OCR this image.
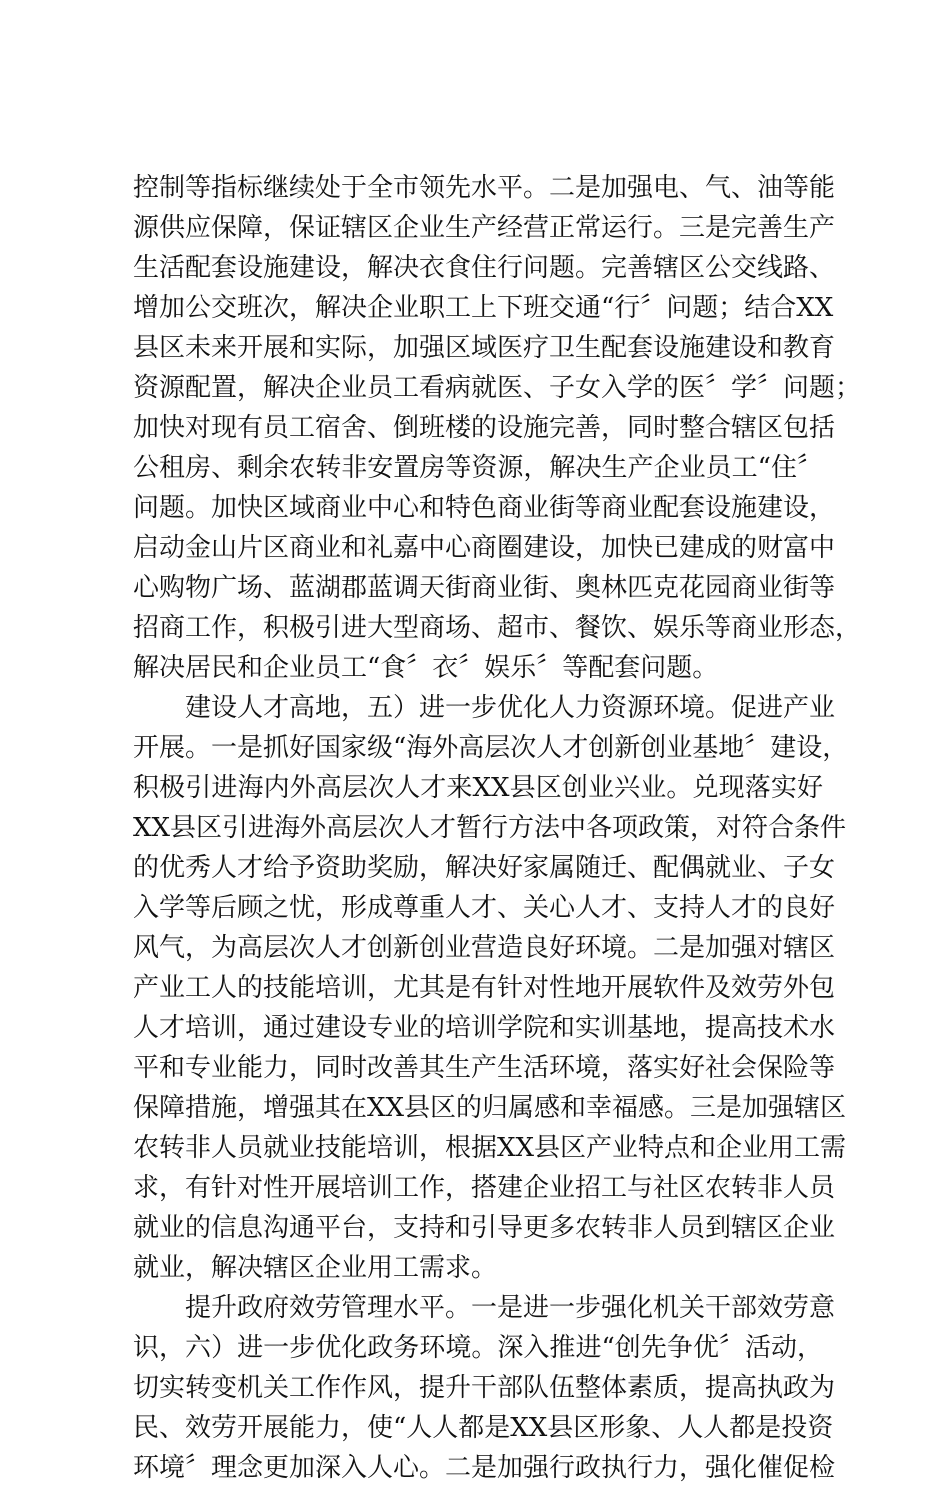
控制等指标继续处于全市领先水平。二是加强电、气、油等能
源供应保障，保证辖区企业生产经营正常运行。三是完善生产
生活配套设施建设，解决衣食住行问题。完善辖区公交线路、
增加公交班次，解决企业职工上下班交通“行〞问题；结合XX
县区未来开展和实际，加强区域医疗卫生配套设施建设和教育
资源配置，解决企业员工看病就医、子女入学的医〞学〞问题；
加快对现有员工宿舍、倒班楼的设施完善，同时整合辖区包括
公租房、剩余农转非安置房等资源，解决生产企业员工“住〞
问题。加快区域商业中心和特色商业街等商业配套设施建设，
启动金山片区商业和礼嘉中心商圈建设，加快已建成的财富中
心购物广场、蓝湖郡蓝调天街商业街、奥林匹克花园商业街等
招商工作，积极引进大型商场、超市、餐饮、娱乐等商业形态，
解决居民和企业员工“食〞衣〞娱乐〞等配套问题。
建设人才高地，五）进一步优化人力资源环境。促进产业
开展。一是抓好国家级“海外高层次人才创新创业基地〞建设，
积极引进海内外高层次人才来XX县区创业兴业。兑现落实好
XX县区引进海外高层次人才暂行方法中各项政策，对符合条件
的优秀人才给予资助奖励，解决好家属随迁、配偶就业、子女
入学等后顾之忧，形成尊重人才、关心人才、支持人才的良好
风气，为高层次人才创新创业营造良好环境。二是加强对辖区
产业工人的技能培训，尤其是有针对性地开展软件及效劳外包
人才培训，通过建设专业的培训学院和实训基地，提高技术水
平和专业能力，同时改善其生产生活环境，落实好社会保险等
保障措施，增强其在XX县区的归属感和幸福感。三是加强辖区
农转非人员就业技能培训，根据XX县区产业特点和企业用工需
求，有针对性开展培训工作，搭建企业招工与社区农转非人员
就业的信息沟通平台，支持和引导更多农转非人员到辖区企业
就业，解决辖区企业用工需求。
提升政府效劳管理水平。一是进一步强化机关干部效劳意
识，六）进一步优化政务环境。深入推进“创先争优〞活动，
切实转变机关工作作风，提升干部队伍整体素质，提高执政为
民、效劳开展能力，使“人人都是XX县区形象、人人都是投资
环境〞理念更加深入人心。二是加强行政执行力，强化催促检
